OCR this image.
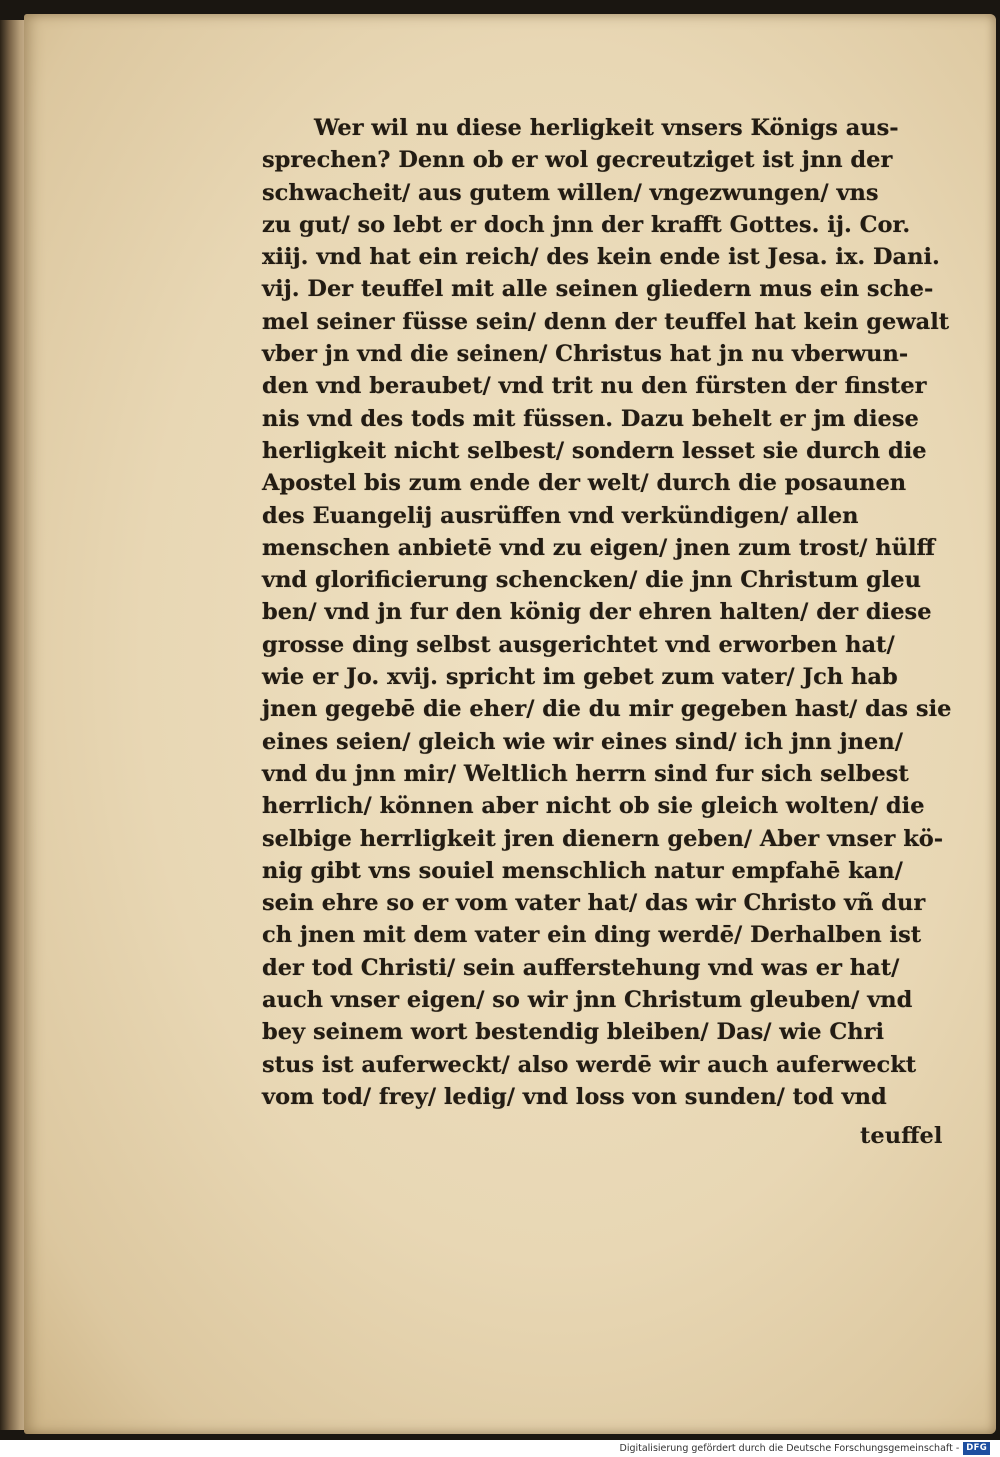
Wer wil nu diese herligkeit vnsers Königs aus-
sprechen? Denn ob er wol gecreutziget ist jnn der
schwacheit/ aus gutem willen/ vngezwungen/ vns
zu gut/ so lebt er doch jnn der krafft Gottes. ij. Cor.
xiij. vnd hat ein reich/ des kein ende ist Jesa. ix. Dani.
vij. Der teuffel mit alle seinen gliedern mus ein sche-
mel seiner füsse sein/ denn der teuffel hat kein gewalt
vber jn vnd die seinen/ Christus hat jn nu vberwun-
den vnd beraubet/ vnd trit nu den fürsten der finster
nis vnd des tods mit füssen. Dazu behelt er jm diese
herligkeit nicht selbest/ sondern lesset sie durch die
Apostel bis zum ende der welt/ durch die posaunen
des Euangelij ausrüffen vnd verkündigen/ allen
menschen anbietē vnd zu eigen/ jnen zum trost/ hülff
vnd glorificierung schencken/ die jnn Christum gleu
ben/ vnd jn fur den könig der ehren halten/ der diese
grosse ding selbst ausgerichtet vnd erworben hat/
wie er Jo. xvij. spricht im gebet zum vater/ Jch hab
jnen gegebē die eher/ die du mir gegeben hast/ das sie
eines seien/ gleich wie wir eines sind/ ich jnn jnen/
vnd du jnn mir/ Weltlich herrn sind fur sich selbest
herrlich/ können aber nicht ob sie gleich wolten/ die
selbige herrligkeit jren dienern geben/ Aber vnser kö-
nig gibt vns souiel menschlich natur empfahē kan/
sein ehre so er vom vater hat/ das wir Christo vñ dur
ch jnen mit dem vater ein ding werdē/ Derhalben ist
der tod Christi/ sein aufferstehung vnd was er hat/
auch vnser eigen/ so wir jnn Christum gleuben/ vnd
bey seinem wort bestendig bleiben/ Das/ wie Chri
stus ist auferweckt/ also werdē wir auch auferweckt
vom tod/ frey/ ledig/ vnd loss von sunden/ tod vnd
teuffel
Digitalisierung gefördert durch die Deutsche Forschungsgemeinschaft - DFG
